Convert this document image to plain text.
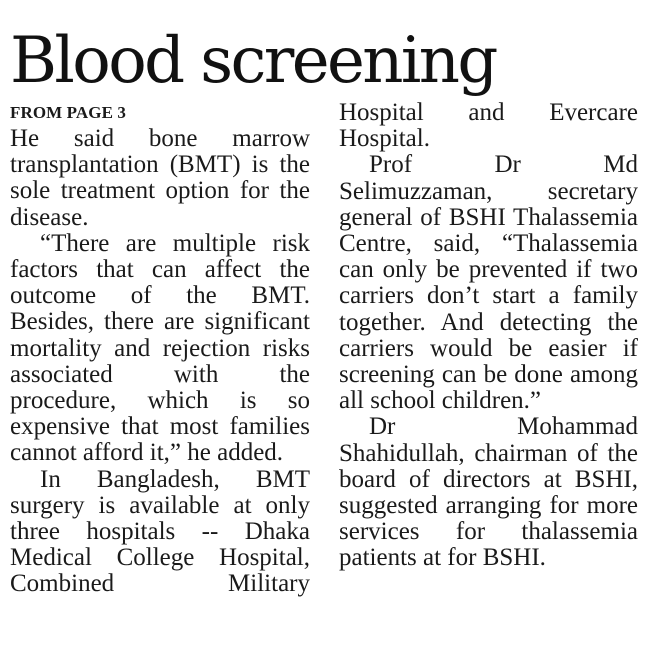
Blood screening
FROM PAGE 3

He said bone marrow transplantation (BMT) is the sole treatment option for the disease.

“There are multiple risk factors that can affect the outcome of the BMT. Besides, there are significant mortality and rejection risks associated with the procedure, which is so expensive that most families cannot afford it,” he added.

In Bangladesh, BMT surgery is available at only three hospitals -- Dhaka Medical College Hospital, Combined Military

Hospital and Evercare Hospital.

Prof Dr Md Selimuzzaman, secretary general of BSHI Thalassemia Centre, said, “Thalassemia can only be prevented if two carriers don’t start a family together. And detecting the carriers would be easier if screening can be done among all school children.”

Dr Mohammad Shahidullah, chairman of the board of directors at BSHI, suggested arranging for more services for thalassemia patients at for BSHI.
